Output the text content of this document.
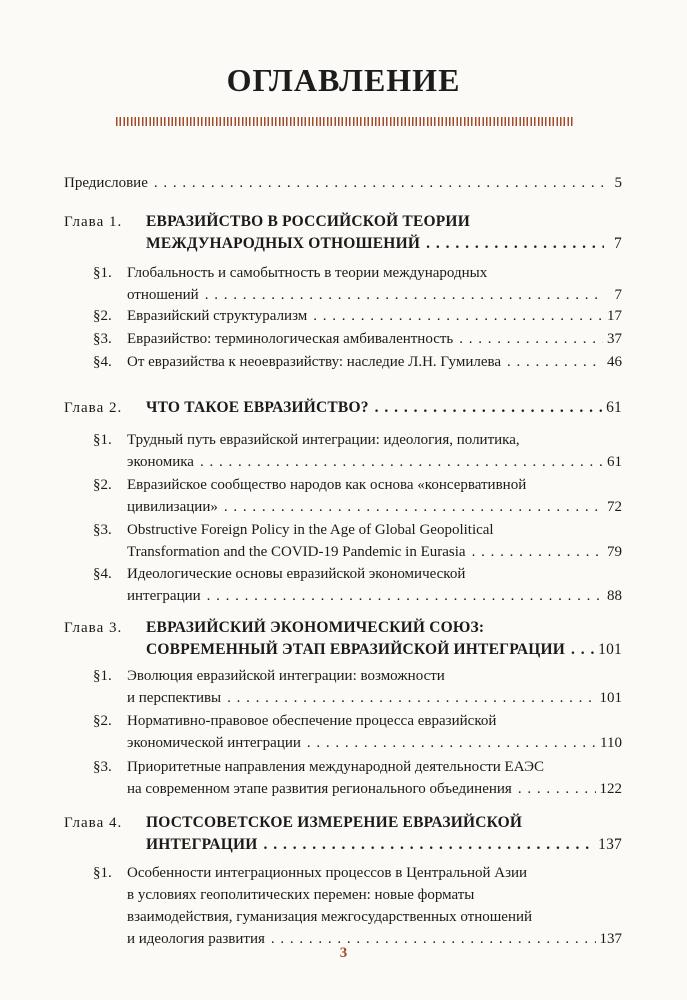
ОГЛАВЛЕНИЕ
Предисловие . . .	5
Глава 1. ЕВРАЗИЙСТВО В РОССИЙСКОЙ ТЕОРИИ
МЕЖДУНАРОДНЫХ ОТНОШЕНИЙ . . .	7
§1. Глобальность и самобытность в теории международных
отношений . . .	7
§2. Евразийский структурализм . . .	17
§3. Евразийство: терминологическая амбивалентность . . .	37
§4. От евразийства к неоевразийству: наследие Л.Н. Гумилева . . .	46
Глава 2. ЧТО ТАКОЕ ЕВРАЗИЙСТВО? . . .	61
§1. Трудный путь евразийской интеграции: идеология, политика,
экономика . . .	61
§2. Евразийское сообщество народов как основа «консервативной
цивилизации» . . .	72
§3. Obstructive Foreign Policy in the Age of Global Geopolitical
Transformation and the COVID-19 Pandemic in Eurasia . . .	79
§4. Идеологические основы евразийской экономической
интеграции . . .	88
Глава 3. ЕВРАЗИЙСКИЙ ЭКОНОМИЧЕСКИЙ СОЮЗ:
СОВРЕМЕННЫЙ ЭТАП ЕВРАЗИЙСКОЙ ИНТЕГРАЦИИ . . . 101
§1. Эволюция евразийской интеграции: возможности
и перспективы . . .	101
§2. Нормативно-правовое обеспечение процесса евразийской
экономической интеграции . . .	110
§3. Приоритетные направления международной деятельности ЕАЭС
на современном этапе развития регионального объединения . . .	122
Глава 4. ПОСТСОВЕТСКОЕ ИЗМЕРЕНИЕ ЕВРАЗИЙСКОЙ
ИНТЕГРАЦИИ . . .	137
§1. Особенности интеграционных процессов в Центральной Азии
в условиях геополитических перемен: новые форматы
взаимодействия, гуманизация межгосударственных отношений
и идеология развития . . .	137
3
